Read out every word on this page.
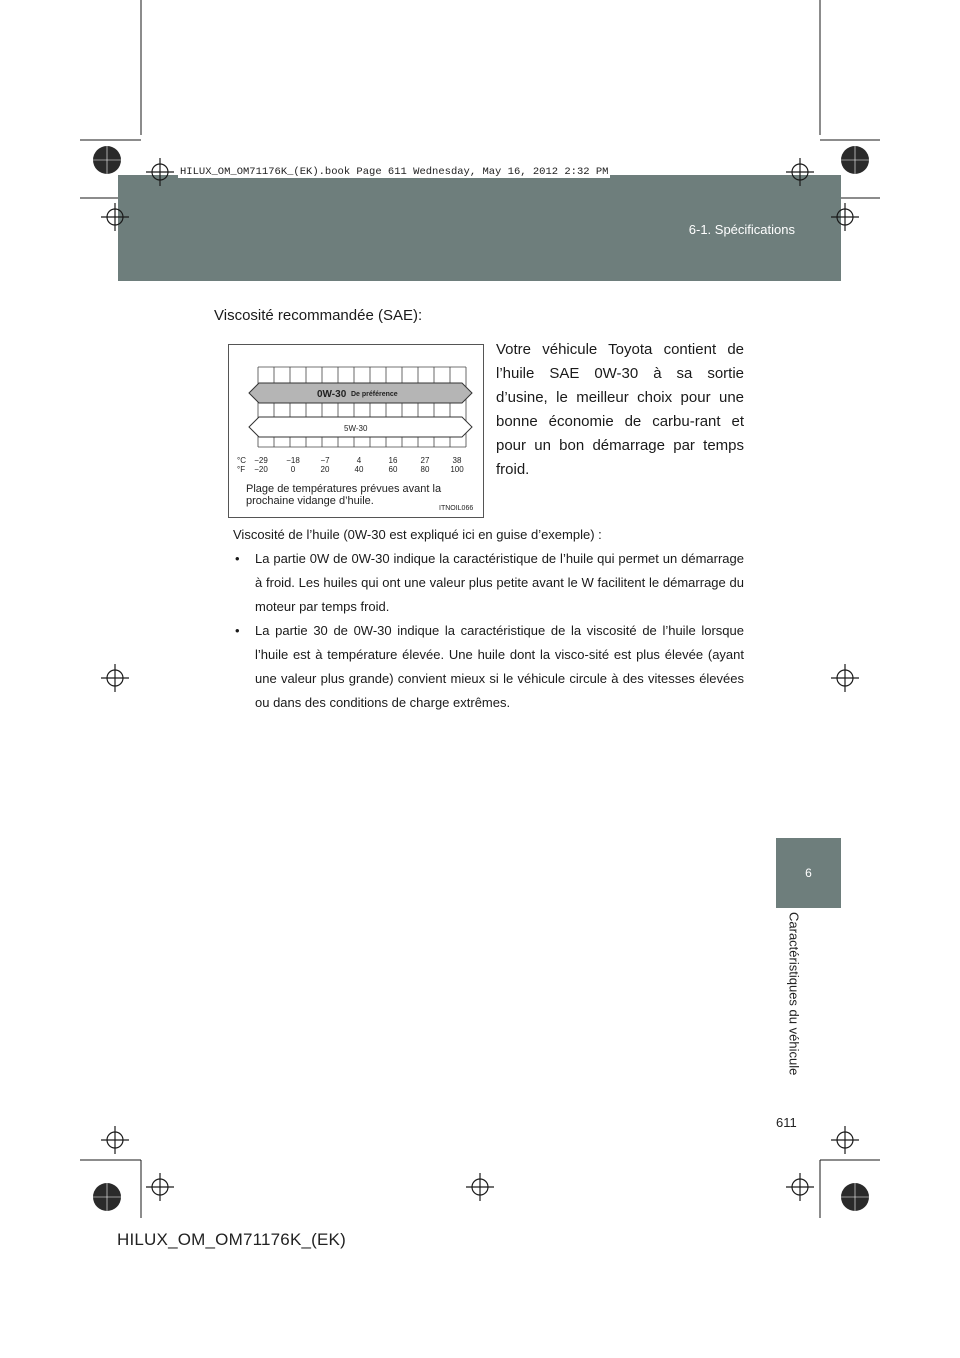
HILUX_OM_OM71176K_(EK).book Page 611 Wednesday, May 16, 2012 2:32 PM
6-1. Spécifications
6
Caractéristiques du véhicule
611
HILUX_OM_OM71176K_(EK)
Viscosité recommandée (SAE):
0W-30 De préférence
5W-30
°C
°F
−29 −18	−7	4	16	27	38
−20	0	20	40	60	80	100
Plage de températures prévues avant la prochaine vidange d’huile.
ITNOIL066
Votre véhicule Toyota contient de l’huile SAE 0W-30 à sa sortie d’usine, le meilleur choix pour une bonne économie de carbu-rant et pour un bon démarrage par temps froid.
Viscosité de l’huile (0W-30 est expliqué ici en guise d’exemple) :
• La partie 0W de 0W-30 indique la caractéristique de l’huile qui permet un démarrage à froid. Les huiles qui ont une valeur plus petite avant le W facilitent le démarrage du moteur par temps froid.
• La partie 30 de 0W-30 indique la caractéristique de la viscosité de l’huile lorsque l’huile est à température élevée. Une huile dont la visco-sité est plus élevée (ayant une valeur plus grande) convient mieux si le véhicule circule à des vitesses élevées ou dans des conditions de charge extrêmes.
